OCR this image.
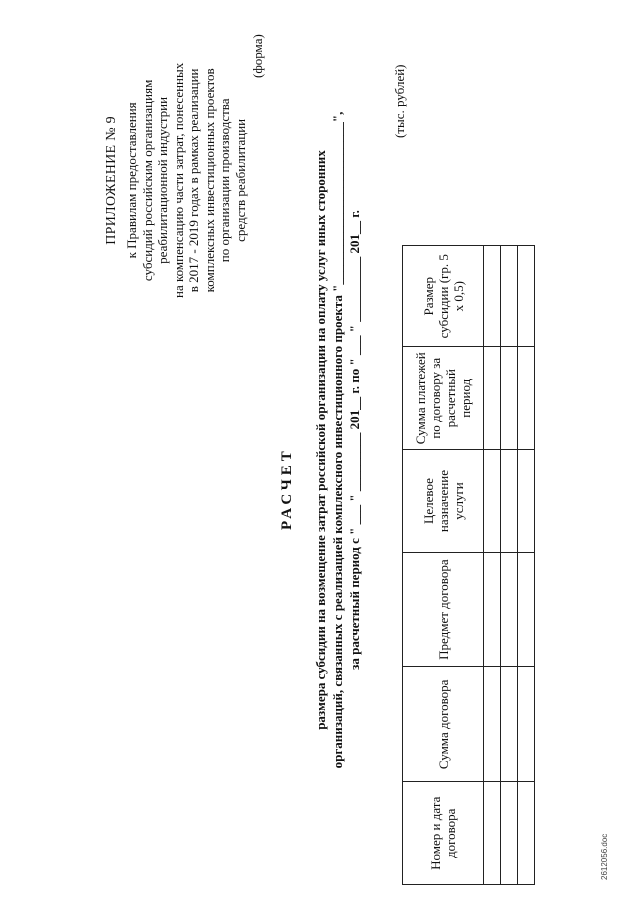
ПРИЛОЖЕНИЕ № 9 к Правилам предоставления субсидий российским организациям реабилитационной индустрии на компенсацию части затрат, понесенных в 2017 - 2019 годах в рамках реализации комплексных инвестиционных проектов по организации производства средств реабилитации
(форма)
РАСЧЕТ размера субсидии на возмещение затрат российской организации на оплату услуг иных сторонних организаций, связанных с реализацией комплексного инвестиционного проекта "_________________________", за расчетный период с " ___ " _________ 201__ г. по " ___ " __________ 201__ г.
(тыс. рублей)
Номер и дата договора	Сумма договора	Предмет договора	Целевое назначение услуги	Сумма платежей по договору за расчетный период	Размер субсидии (гр. 5 х 0,5)

2612056.doc
